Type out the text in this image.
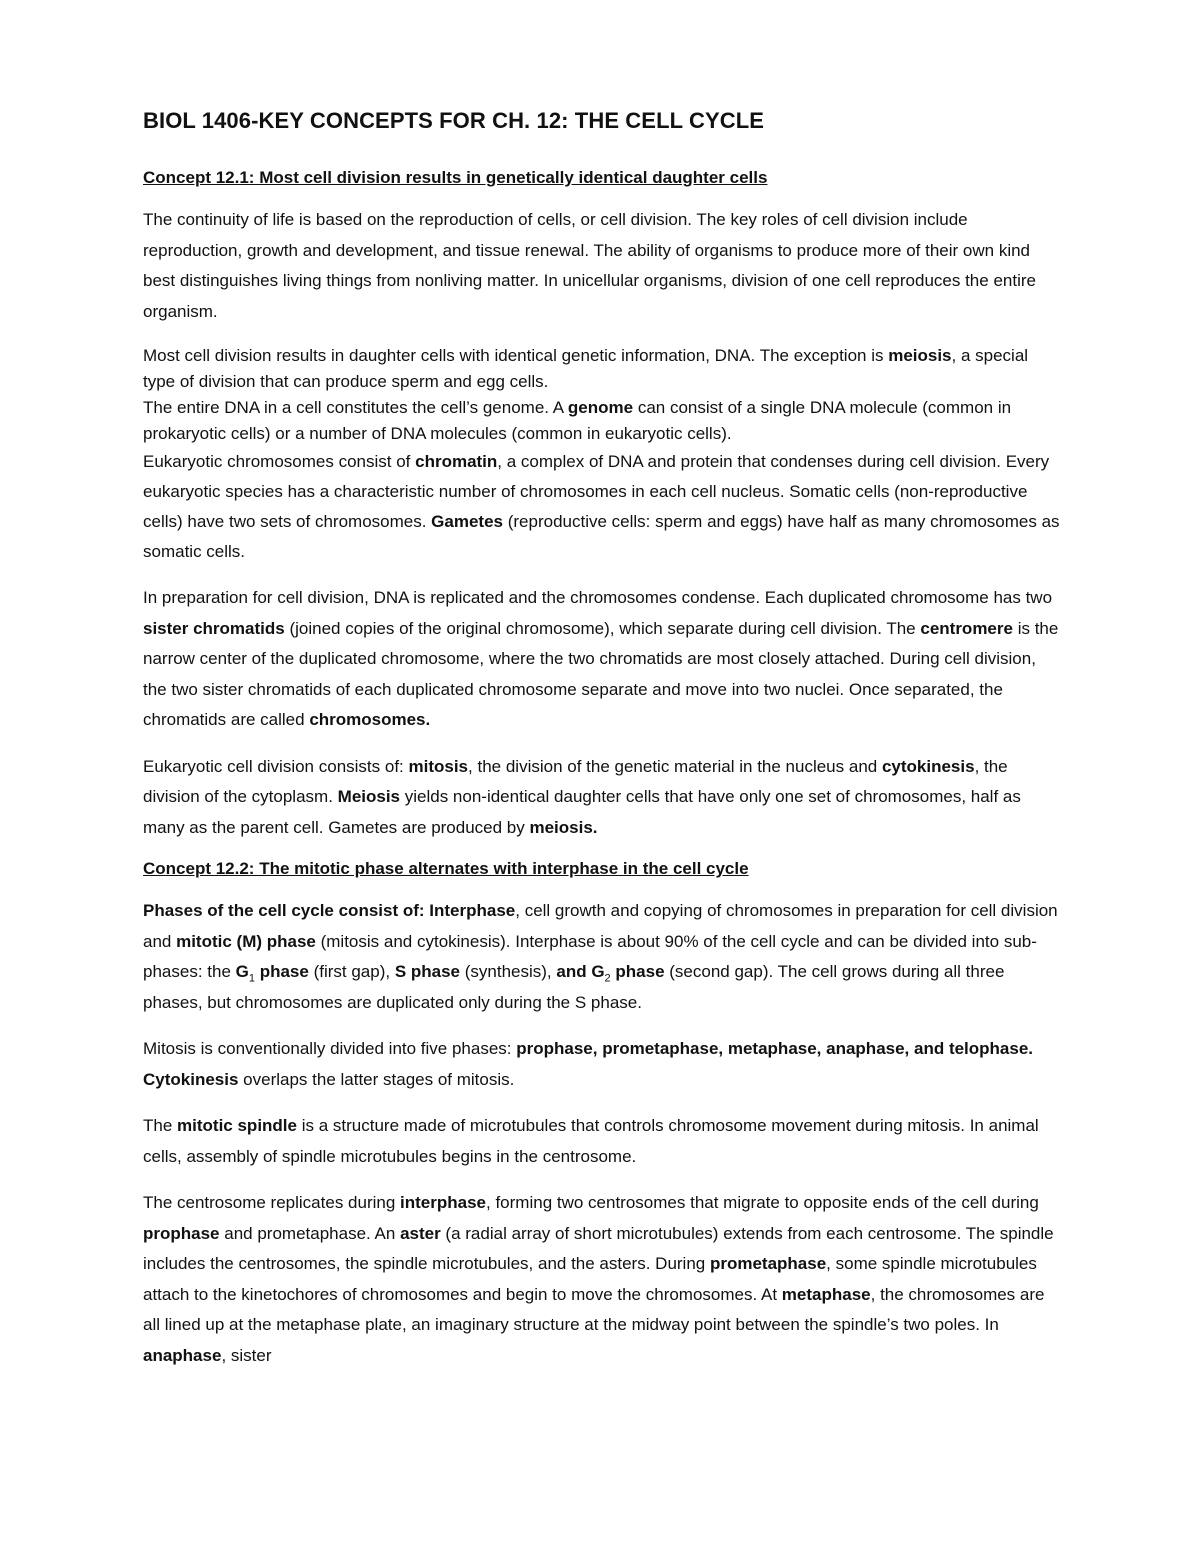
BIOL 1406-KEY CONCEPTS FOR CH. 12: THE CELL CYCLE
Concept 12.1: Most cell division results in genetically identical daughter cells
The continuity of life is based on the reproduction of cells, or cell division. The key roles of cell division include reproduction, growth and development, and tissue renewal. The ability of organisms to produce more of their own kind best distinguishes living things from nonliving matter. In unicellular organisms, division of one cell reproduces the entire organism.
Most cell division results in daughter cells with identical genetic information, DNA. The exception is meiosis, a special type of division that can produce sperm and egg cells.
The entire DNA in a cell constitutes the cell’s genome. A genome can consist of a single DNA molecule (common in prokaryotic cells) or a number of DNA molecules (common in eukaryotic cells).
Eukaryotic chromosomes consist of chromatin, a complex of DNA and protein that condenses during cell division. Every eukaryotic species has a characteristic number of chromosomes in each cell nucleus. Somatic cells (non-reproductive cells) have two sets of chromosomes. Gametes (reproductive cells: sperm and eggs) have half as many chromosomes as somatic cells.
In preparation for cell division, DNA is replicated and the chromosomes condense. Each duplicated chromosome has two sister chromatids (joined copies of the original chromosome), which separate during cell division. The centromere is the narrow center of the duplicated chromosome, where the two chromatids are most closely attached. During cell division, the two sister chromatids of each duplicated chromosome separate and move into two nuclei. Once separated, the chromatids are called chromosomes.
Eukaryotic cell division consists of: mitosis, the division of the genetic material in the nucleus and cytokinesis, the division of the cytoplasm. Meiosis yields non-identical daughter cells that have only one set of chromosomes, half as many as the parent cell. Gametes are produced by meiosis.
Concept 12.2: The mitotic phase alternates with interphase in the cell cycle
Phases of the cell cycle consist of: Interphase, cell growth and copying of chromosomes in preparation for cell division and mitotic (M) phase (mitosis and cytokinesis). Interphase is about 90% of the cell cycle and can be divided into sub-phases: the $G_1$ phase (first gap), S phase (synthesis), and $G_2$ phase (second gap). The cell grows during all three phases, but chromosomes are duplicated only during the S phase.
Mitosis is conventionally divided into five phases: prophase, prometaphase, metaphase, anaphase, and telophase. Cytokinesis overlaps the latter stages of mitosis.
The mitotic spindle is a structure made of microtubules that controls chromosome movement during mitosis. In animal cells, assembly of spindle microtubules begins in the centrosome.
The centrosome replicates during interphase, forming two centrosomes that migrate to opposite ends of the cell during prophase and prometaphase. An aster (a radial array of short microtubules) extends from each centrosome. The spindle includes the centrosomes, the spindle microtubules, and the asters. During prometaphase, some spindle microtubules attach to the kinetochores of chromosomes and begin to move the chromosomes. At metaphase, the chromosomes are all lined up at the metaphase plate, an imaginary structure at the midway point between the spindle’s two poles. In anaphase, sister
